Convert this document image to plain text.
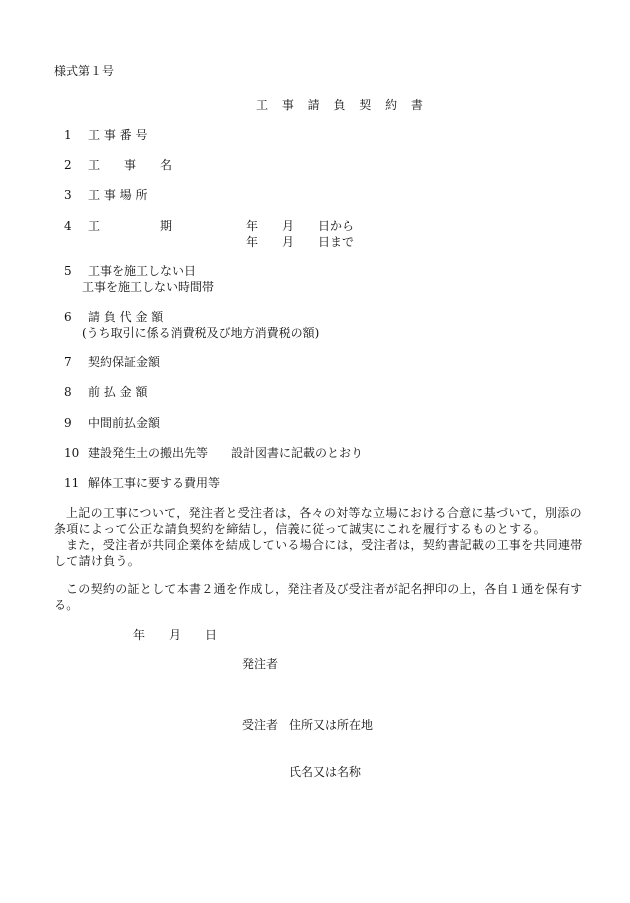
様式第１号
工 事 請 負 契 約 書
1 工 事 番 号
2 工　　事　　名
3 工 事 場 所
4 工　　　　　期	年　　月　　日から
年　　月　　日まで
5 工事を施工しない日
工事を施工しない時間帯
6 請 負 代 金 額
(うち取引に係る消費税及び地方消費税の額)
7 契約保証金額
8 前 払 金 額
9 中間前払金額
10 建設発生土の搬出先等 設計図書に記載のとおり
11 解体工事に要する費用等
上記の工事について，発注者と受注者は，各々の対等な立場における合意に基づいて，別添の条項によって公正な請負契約を締結し，信義に従って誠実にこれを履行するものとする。
また，受注者が共同企業体を結成している場合には，受注者は，契約書記載の工事を共同連帯して請け負う。
この契約の証として本書２通を作成し，発注者及び受注者が記名押印の上，各自１通を保有する。
年　　月　　日
発注者
受注者 住所又は所在地
氏名又は名称
